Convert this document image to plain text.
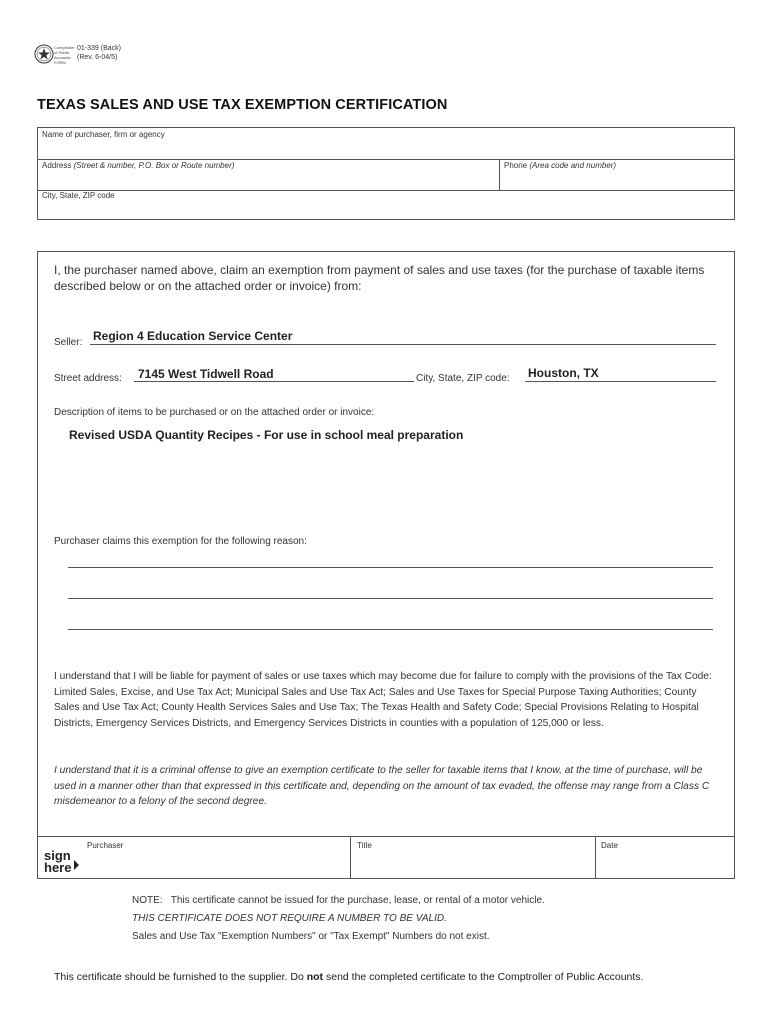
Comptroller
of Public
Accounts
FORM
01-339 (Back)
(Rev. 6-04/5)
TEXAS SALES AND USE TAX EXEMPTION CERTIFICATION
Name of purchaser, firm or agency
Address (Street & number, P.O. Box or Route number)	Phone (Area code and number)
City, State, ZIP code
I, the purchaser named above, claim an exemption from payment of sales and use taxes (for the purchase of taxable items described below or on the attached order or invoice) from:
Seller: Region 4 Education Service Center
Street address: 7145 West Tidwell Road	City, State, ZIP code: Houston, TX
Description of items to be purchased or on the attached order or invoice:
Revised USDA Quantity Recipes - For use in school meal preparation
Purchaser claims this exemption for the following reason:
I understand that I will be liable for payment of sales or use taxes which may become due for failure to comply with the provisions of the Tax Code: Limited Sales, Excise, and Use Tax Act; Municipal Sales and Use Tax Act; Sales and Use Taxes for Special Purpose Taxing Authorities; County Sales and Use Tax Act; County Health Services Sales and Use Tax; The Texas Health and Safety Code; Special Provisions Relating to Hospital Districts, Emergency Services Districts, and Emergency Services Districts in counties with a population of 125,000 or less.
I understand that it is a criminal offense to give an exemption certificate to the seller for taxable items that I know, at the time of purchase, will be used in a manner other than that expressed in this certificate and, depending on the amount of tax evaded, the offense may range from a Class C misdemeanor to a felony of the second degree.
sign
here
Purchaser	Title	Date
NOTE:   This certificate cannot be issued for the purchase, lease, or rental of a motor vehicle.
THIS CERTIFICATE DOES NOT REQUIRE A NUMBER TO BE VALID.
Sales and Use Tax "Exemption Numbers" or "Tax Exempt" Numbers do not exist.
This certificate should be furnished to the supplier. Do not send the completed certificate to the Comptroller of Public Accounts.
